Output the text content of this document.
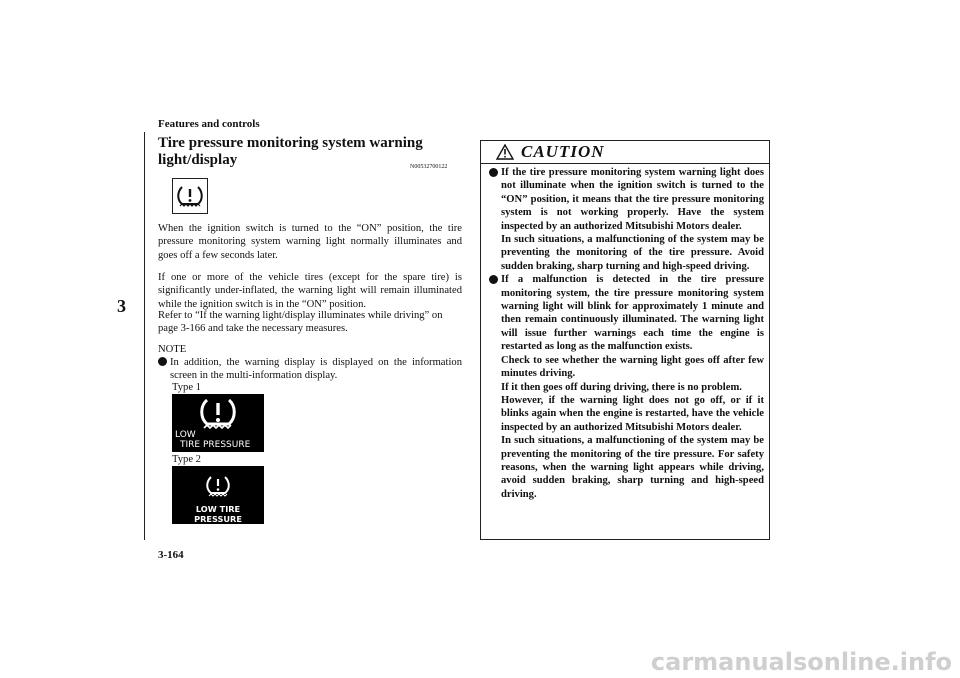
Features and controls
3
Tire pressure monitoring system warning light/display	N00532700122
When the ignition switch is turned to the “ON” position, the tire pressure monitoring system warning light normally illuminates and goes off a few seconds later.
If one or more of the vehicle tires (except for the spare tire) is significantly under-inflated, the warning light will remain illuminated while the ignition switch is in the “ON” position.
Refer to “If the warning light/display illuminates while driving” on page 3-166 and take the necessary measures.
NOTE
In addition, the warning display is displayed on the information screen in the multi-information display.
Type 1
LOW
TIRE PRESSURE
Type 2
LOW TIRE PRESSURE
3-164
CAUTION

If the tire pressure monitoring system warning light does not illuminate when the ignition switch is turned to the “ON” position, it means that the tire pressure monitoring system is not working properly. Have the system inspected by an authorized Mitsubishi Motors dealer.

In such situations, a malfunctioning of the system may be preventing the monitoring of the tire pressure. Avoid sudden braking, sharp turning and high-speed driving.

If a malfunction is detected in the tire pressure monitoring system, the tire pressure monitoring system warning light will blink for approximately 1 minute and then remain continuously illuminated. The warning light will issue further warnings each time the engine is restarted as long as the malfunction exists.

Check to see whether the warning light goes off after few minutes driving.

If it then goes off during driving, there is no problem.

However, if the warning light does not go off, or if it blinks again when the engine is restarted, have the vehicle inspected by an authorized Mitsubishi Motors dealer.

In such situations, a malfunctioning of the system may be preventing the monitoring of the tire pressure. For safety reasons, when the warning light appears while driving, avoid sudden braking, sharp turning and high-speed driving.

carmanualsonline.info
